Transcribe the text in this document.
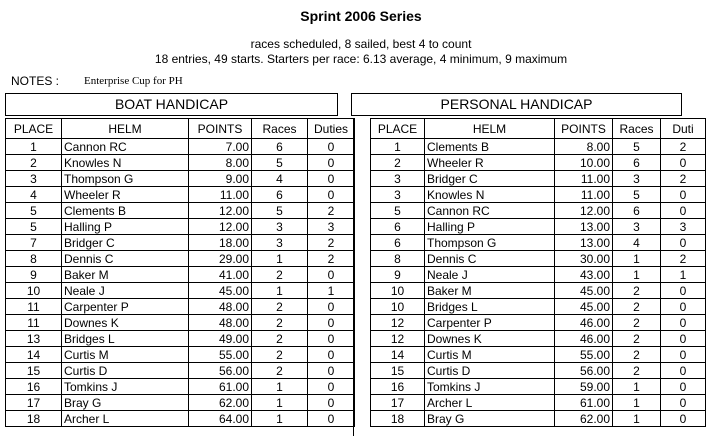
Sprint 2006 Series
races scheduled, 8 sailed, best 4 to count
18 entries, 49 starts. Starters per race: 6.13 average, 4 minimum, 9 maximum
NOTES : Enterprise Cup for PH
BOAT HANDICAP	PERSONAL HANDICAP
PLACE	HELM	POINTS	Races	Duties
1	Cannon RC	7.00	6	0
2	Knowles N	8.00	5	0
3	Thompson G	9.00	4	0
4	Wheeler R	11.00	6	0
5	Clements B	12.00	5	2
5	Halling P	12.00	3	3
7	Bridger C	18.00	3	2
8	Dennis C	29.00	1	2
9	Baker M	41.00	2	0
10	Neale J	45.00	1	1
11	Carpenter P	48.00	2	0
11	Downes K	48.00	2	0
13	Bridges L	49.00	2	0
14	Curtis M	55.00	2	0
15	Curtis D	56.00	2	0
16	Tomkins J	61.00	1	0
17	Bray G	62.00	1	0
18	Archer L	64.00	1	0
PLACE	HELM	POINTS	Races	Duti
1	Clements B	8.00	5	2
2	Wheeler R	10.00	6	0
3	Bridger C	11.00	3	2
3	Knowles N	11.00	5	0
5	Cannon RC	12.00	6	0
6	Halling P	13.00	3	3
6	Thompson G	13.00	4	0
8	Dennis C	30.00	1	2
9	Neale J	43.00	1	1
10	Baker M	45.00	2	0
10	Bridges L	45.00	2	0
12	Carpenter P	46.00	2	0
12	Downes K	46.00	2	0
14	Curtis M	55.00	2	0
15	Curtis D	56.00	2	0
16	Tomkins J	59.00	1	0
17	Archer L	61.00	1	0
18	Bray G	62.00	1	0
